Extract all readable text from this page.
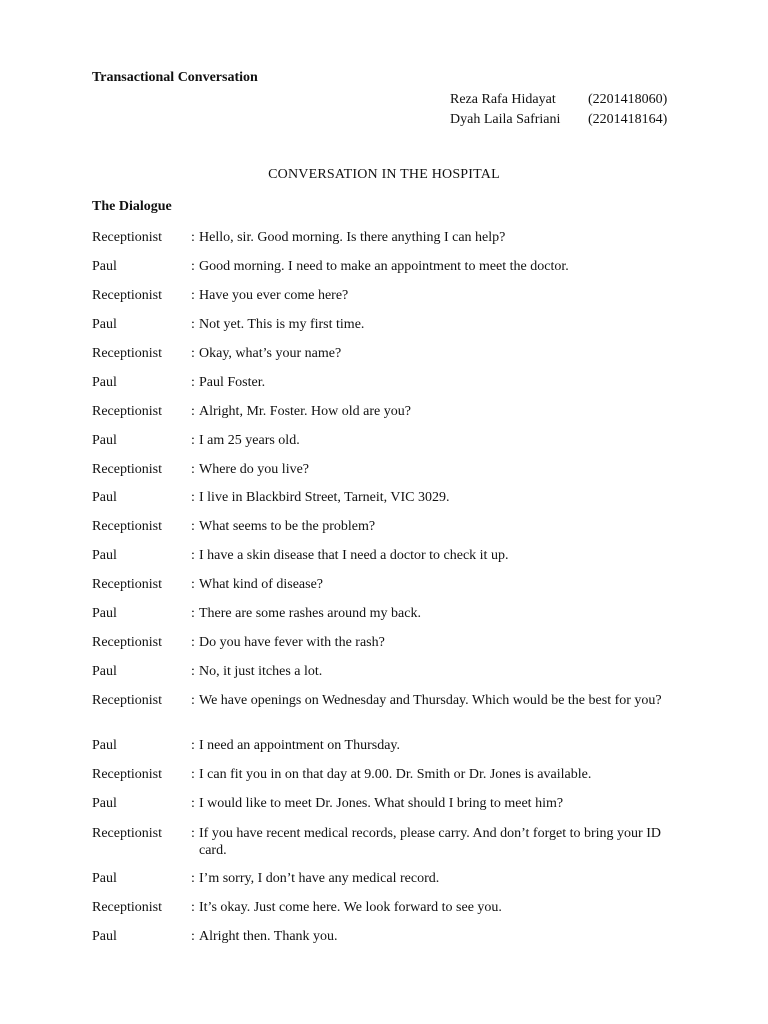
Transactional Conversation
Reza Rafa Hidayat	(2201418060)
Dyah Laila Safriani	(2201418164)
CONVERSATION IN THE HOSPITAL
The Dialogue
Receptionist	: Hello, sir. Good morning. Is there anything I can help?
Paul	: Good morning. I need to make an appointment to meet the doctor.
Receptionist	: Have you ever come here?
Paul	: Not yet. This is my first time.
Receptionist	: Okay, what’s your name?
Paul	: Paul Foster.
Receptionist	: Alright, Mr. Foster. How old are you?
Paul	: I am 25 years old.
Receptionist	: Where do you live?
Paul	: I live in Blackbird Street, Tarneit, VIC 3029.
Receptionist	: What seems to be the problem?
Paul	: I have a skin disease that I need a doctor to check it up.
Receptionist	: What kind of disease?
Paul	: There are some rashes around my back.
Receptionist	: Do you have fever with the rash?
Paul	: No, it just itches a lot.
Receptionist	: We have openings on Wednesday and Thursday. Which would be the best for you?
Paul	: I need an appointment on Thursday.
Receptionist	: I can fit you in on that day at 9.00. Dr. Smith or Dr. Jones is available.
Paul	: I would like to meet Dr. Jones. What should I bring to meet him?
Receptionist	: If you have recent medical records, please carry. And don’t forget to bring your ID card.
Paul	: I’m sorry, I don’t have any medical record.
Receptionist	: It’s okay. Just come here. We look forward to see you.
Paul	: Alright then. Thank you.
